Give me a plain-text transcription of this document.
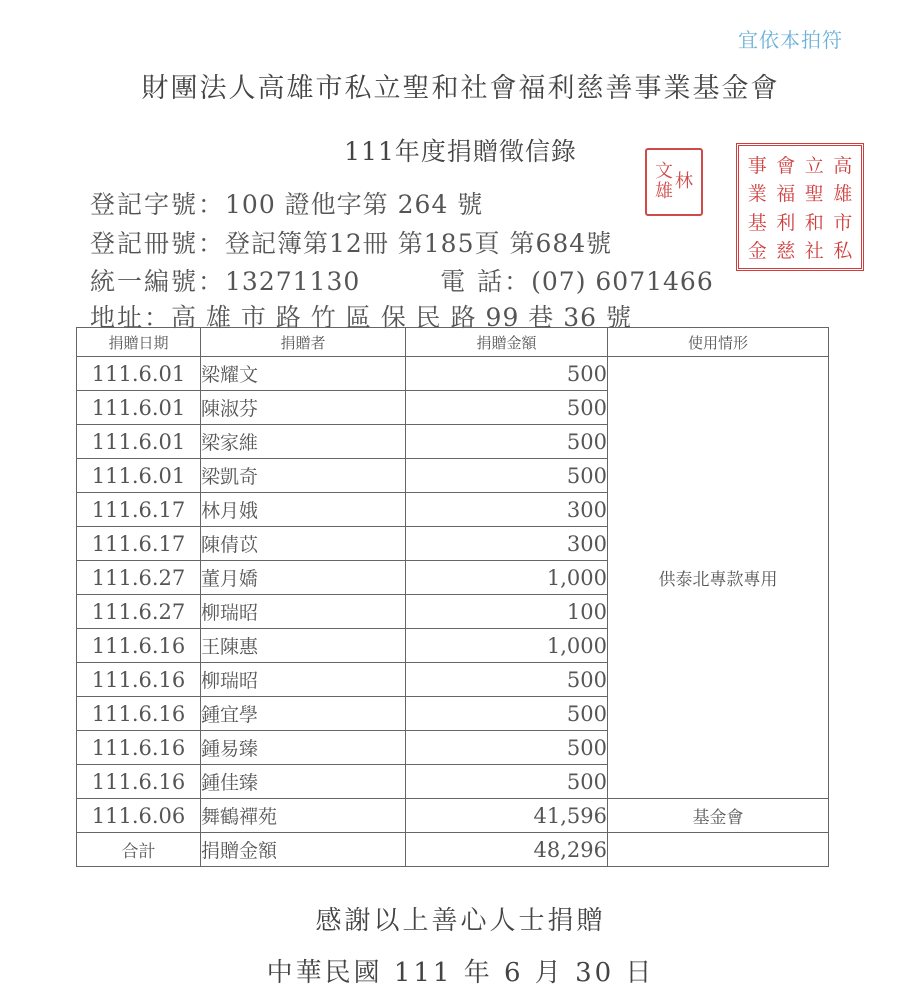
宜依本拍符
財團法人高雄市私立聖和社會福利慈善事業基金會
111年度捐贈徵信錄
登記字號：100 證他字第 264 號
登記冊號：登記簿第12冊 第185頁 第684號
統一編號：13271130	電 話：(07) 6071466
地址：高 雄 市 路 竹 區 保 民 路 99 巷 36 號
文
雄 林
事 會 立 高
業 福 聖 雄
基 利 和 市
金 慈 社 私
捐贈日期	捐贈者	捐贈金額	使用情形
111.6.01	梁耀文	500	供泰北專款專用
111.6.01	陳淑芬	500	
111.6.01	梁家維	500	
111.6.01	梁凱奇	500	
111.6.17	林月娥	300	
111.6.17	陳倩苡	300	
111.6.27	董月嬌	1,000	
111.6.27	柳瑞昭	100	
111.6.16	王陳惠	1,000	
111.6.16	柳瑞昭	500	
111.6.16	鍾宜學	500	
111.6.16	鍾易臻	500	
111.6.16	鍾佳臻	500	
111.6.06	舞鶴禪苑	41,596	基金會
合計	捐贈金額	48,296	
感謝以上善心人士捐贈
中華民國 111 年 6 月 30 日
